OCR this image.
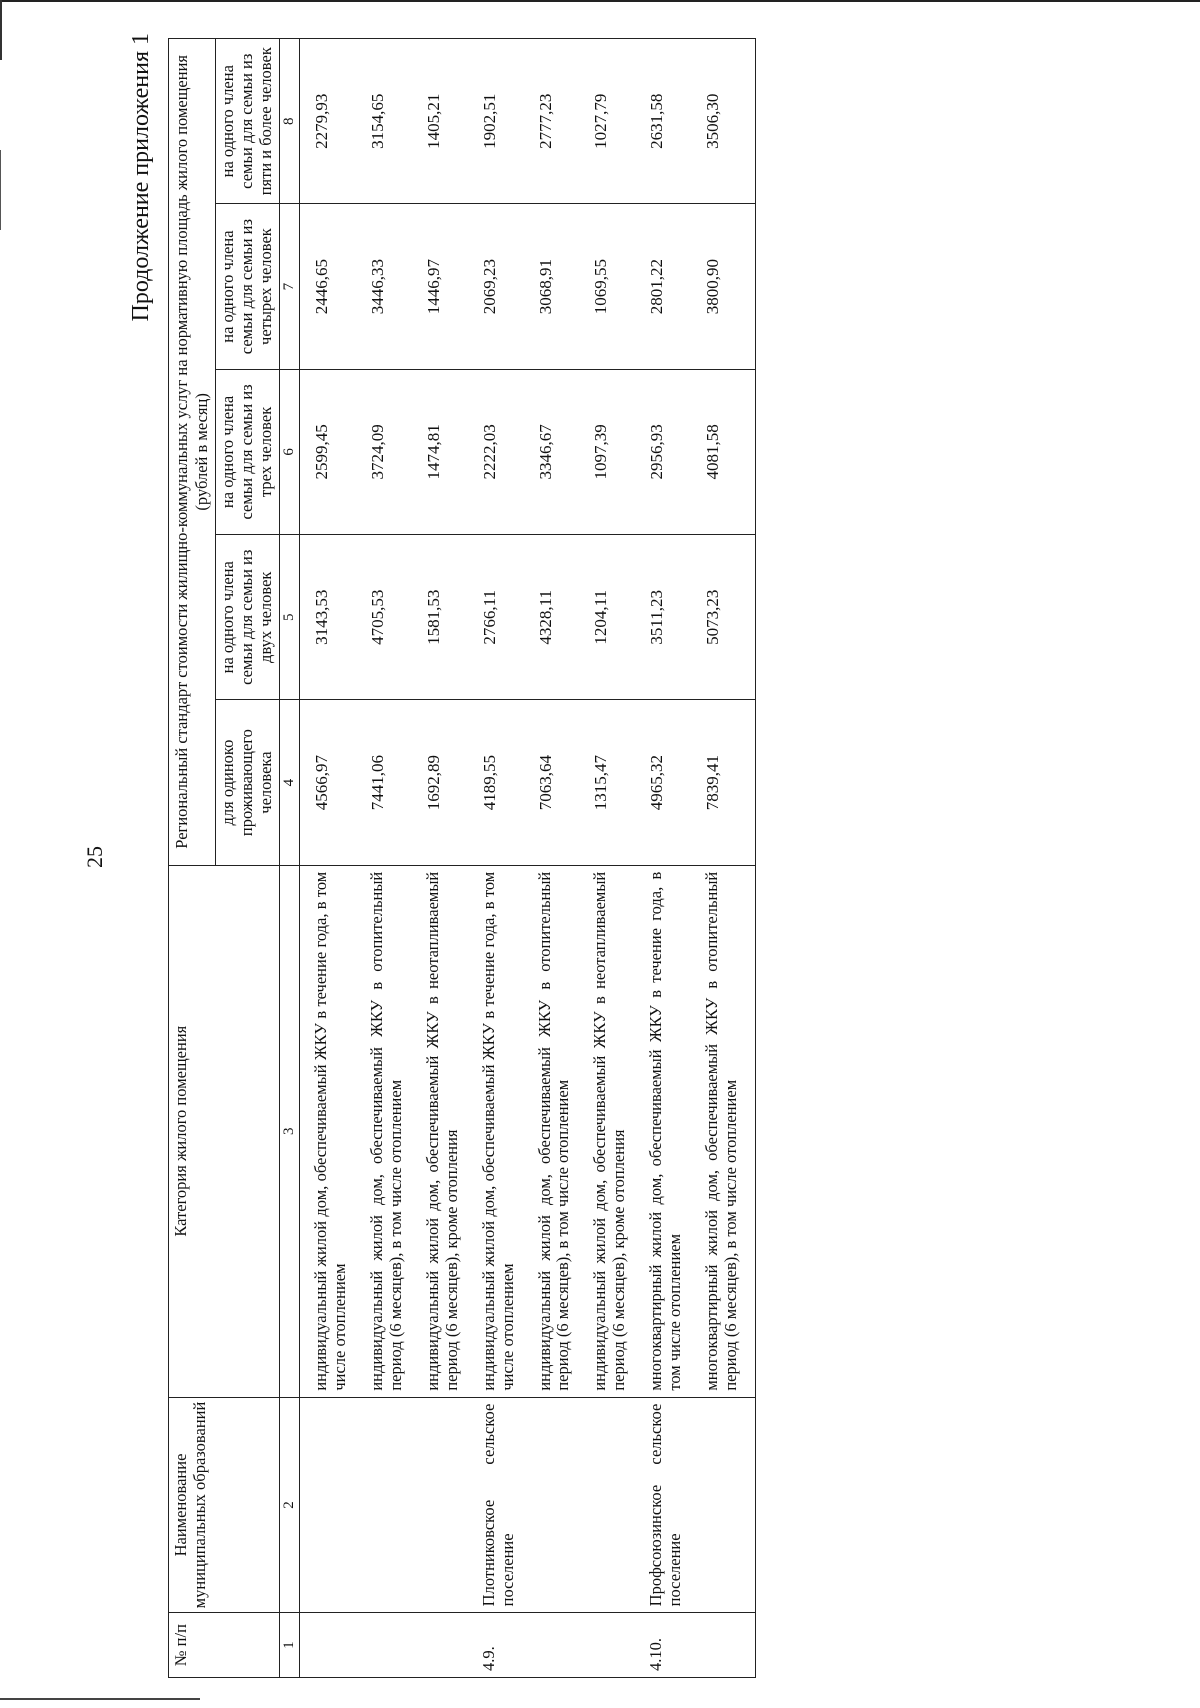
25
Продолжение приложения 1
№ п/п	Наименование муниципальных образований	Категория жилого помещения	Региональный стандарт стоимости жилищно-коммунальных услуг на нормативную площадь жилого помещения (рублей в месяц)				
			для одиноко проживающего человека	на одного члена семьи для семьи из двух человек	на одного члена семьи для семьи из трех человек	на одного члена семьи для семьи из четырех человек	на одного члена семьи для семьи из пяти и более человек
1	2	3	4	5	6	7	8
		индивидуальный жилой дом, обеспечиваемый ЖКУ в течение года, в том числе отоплением	4566,97	3143,53	2599,45	2446,65	2279,93
		индивидуальный жилой дом, обеспечиваемый ЖКУ в отопительный период (6 месяцев), в том числе отоплением	7441,06	4705,53	3724,09	3446,33	3154,65
		индивидуальный жилой дом, обеспечиваемый ЖКУ в неотапливаемый период (6 месяцев), кроме отопления	1692,89	1581,53	1474,81	1446,97	1405,21
4.9.	Плотниковское сельское поселение	индивидуальный жилой дом, обеспечиваемый ЖКУ в течение года, в том числе отоплением	4189,55	2766,11	2222,03	2069,23	1902,51
		индивидуальный жилой дом, обеспечиваемый ЖКУ в отопительный период (6 месяцев), в том числе отоплением	7063,64	4328,11	3346,67	3068,91	2777,23
		индивидуальный жилой дом, обеспечиваемый ЖКУ в неотапливаемый период (6 месяцев), кроме отопления	1315,47	1204,11	1097,39	1069,55	1027,79
4.10.	Профсоюзинское сельское поселение	многоквартирный жилой дом, обеспечиваемый ЖКУ в течение года, в том числе отоплением	4965,32	3511,23	2956,93	2801,22	2631,58
		многоквартирный жилой дом, обеспечиваемый ЖКУ в отопительный период (6 месяцев), в том числе отоплением	7839,41	5073,23	4081,58	3800,90	3506,30
